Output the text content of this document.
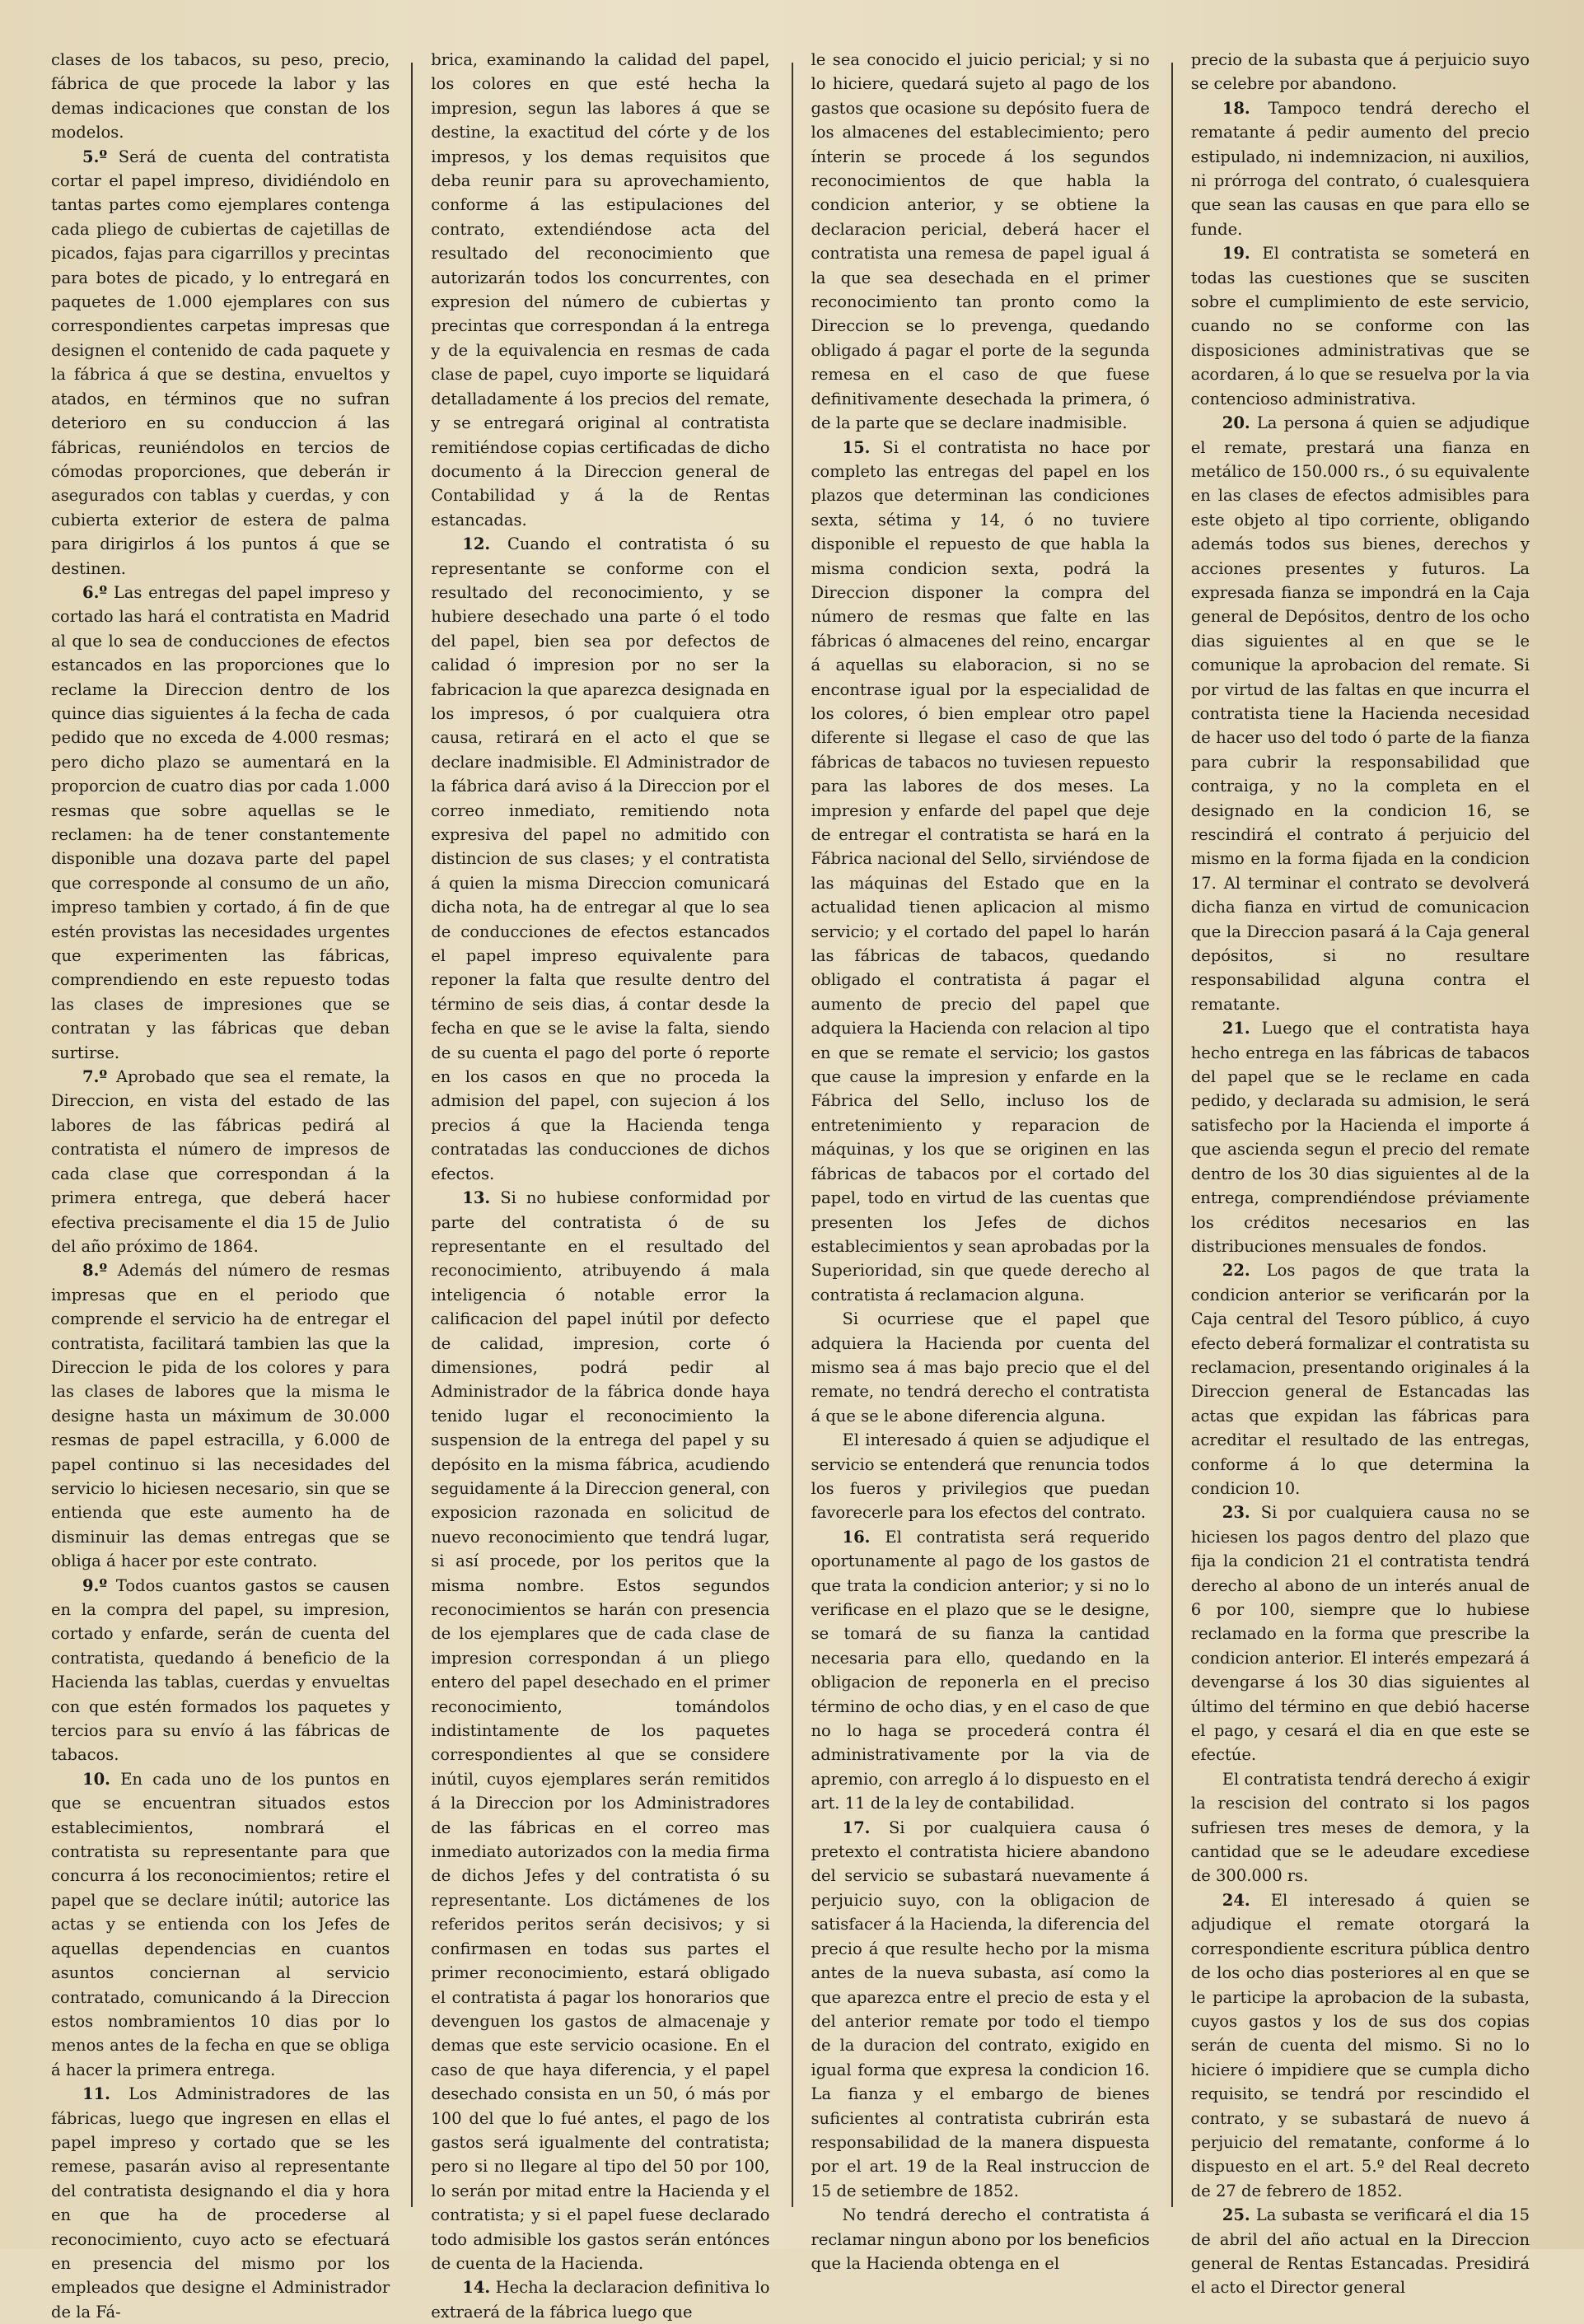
clases de los tabacos, su peso, precio, fábrica de que procede la labor y las demas indicaciones que constan de los modelos.

5.º Será de cuenta del contratista cortar el papel impreso, dividiéndolo en tantas partes como ejemplares contenga cada pliego de cubiertas de cajetillas de picados, fajas para cigarrillos y precintas para botes de picado, y lo entregará en paquetes de 1.000 ejemplares con sus correspondientes carpetas impresas que designen el contenido de cada paquete y la fábrica á que se destina, envueltos y atados, en términos que no sufran deterioro en su conduccion á las fábricas, reuniéndolos en tercios de cómodas proporciones, que deberán ir asegurados con tablas y cuerdas, y con cubierta exterior de estera de palma para dirigirlos á los puntos á que se destinen.

6.º Las entregas del papel impreso y cortado las hará el contratista en Madrid al que lo sea de conducciones de efectos estancados en las proporciones que lo reclame la Direccion dentro de los quince dias siguientes á la fecha de cada pedido que no exceda de 4.000 resmas; pero dicho plazo se aumentará en la proporcion de cuatro dias por cada 1.000 resmas que sobre aquellas se le reclamen: ha de tener constantemente disponible una dozava parte del papel que corresponde al consumo de un año, impreso tambien y cortado, á fin de que estén provistas las necesidades urgentes que experimenten las fábricas, comprendiendo en este repuesto todas las clases de impresiones que se contratan y las fábricas que deban surtirse.

7.º Aprobado que sea el remate, la Direccion, en vista del estado de las labores de las fábricas pedirá al contratista el número de impresos de cada clase que correspondan á la primera entrega, que deberá hacer efectiva precisamente el dia 15 de Julio del año próximo de 1864.

8.º Además del número de resmas impresas que en el periodo que comprende el servicio ha de entregar el contratista, facilitará tambien las que la Direccion le pida de los colores y para las clases de labores que la misma le designe hasta un máximum de 30.000 resmas de papel estracilla, y 6.000 de papel continuo si las necesidades del servicio lo hiciesen necesario, sin que se entienda que este aumento ha de disminuir las demas entregas que se obliga á hacer por este contrato.

9.º Todos cuantos gastos se causen en la compra del papel, su impresion, cortado y enfarde, serán de cuenta del contratista, quedando á beneficio de la Hacienda las tablas, cuerdas y envueltas con que estén formados los paquetes y tercios para su envío á las fábricas de tabacos.

10. En cada uno de los puntos en que se encuentran situados estos establecimientos, nombrará el contratista su representante para que concurra á los reconocimientos; retire el papel que se declare inútil; autorice las actas y se entienda con los Jefes de aquellas dependencias en cuantos asuntos conciernan al servicio contratado, comunicando á la Direccion estos nombramientos 10 dias por lo menos antes de la fecha en que se obliga á hacer la primera entrega.

11. Los Administradores de las fábricas, luego que ingresen en ellas el papel impreso y cortado que se les remese, pasarán aviso al representante del contratista designando el dia y hora en que ha de procederse al reconocimiento, cuyo acto se efectuará en presencia del mismo por los empleados que designe el Administrador de la Fá-

brica, examinando la calidad del papel, los colores en que esté hecha la impresion, segun las labores á que se destine, la exactitud del córte y de los impresos, y los demas requisitos que deba reunir para su aprovechamiento, conforme á las estipulaciones del contrato, extendiéndose acta del resultado del reconocimiento que autorizarán todos los concurrentes, con expresion del número de cubiertas y precintas que correspondan á la entrega y de la equivalencia en resmas de cada clase de papel, cuyo importe se liquidará detalladamente á los precios del remate, y se entregará original al contratista remitiéndose copias certificadas de dicho documento á la Direccion general de Contabilidad y á la de Rentas estancadas.

12. Cuando el contratista ó su representante se conforme con el resultado del reconocimiento, y se hubiere desechado una parte ó el todo del papel, bien sea por defectos de calidad ó impresion por no ser la fabricacion la que aparezca designada en los impresos, ó por cualquiera otra causa, retirará en el acto el que se declare inadmisible. El Administrador de la fábrica dará aviso á la Direccion por el correo inmediato, remitiendo nota expresiva del papel no admitido con distincion de sus clases; y el contratista á quien la misma Direccion comunicará dicha nota, ha de entregar al que lo sea de conducciones de efectos estancados el papel impreso equivalente para reponer la falta que resulte dentro del término de seis dias, á contar desde la fecha en que se le avise la falta, siendo de su cuenta el pago del porte ó reporte en los casos en que no proceda la admision del papel, con sujecion á los precios á que la Hacienda tenga contratadas las conducciones de dichos efectos.

13. Si no hubiese conformidad por parte del contratista ó de su representante en el resultado del reconocimiento, atribuyendo á mala inteligencia ó notable error la calificacion del papel inútil por defecto de calidad, impresion, corte ó dimensiones, podrá pedir al Administrador de la fábrica donde haya tenido lugar el reconocimiento la suspension de la entrega del papel y su depósito en la misma fábrica, acudiendo seguidamente á la Direccion general, con exposicion razonada en solicitud de nuevo reconocimiento que tendrá lugar, si así procede, por los peritos que la misma nombre. Estos segundos reconocimientos se harán con presencia de los ejemplares que de cada clase de impresion correspondan á un pliego entero del papel desechado en el primer reconocimiento, tomándolos indistintamente de los paquetes correspondientes al que se considere inútil, cuyos ejemplares serán remitidos á la Direccion por los Administradores de las fábricas en el correo mas inmediato autorizados con la media firma de dichos Jefes y del contratista ó su representante. Los dictámenes de los referidos peritos serán decisivos; y si confirmasen en todas sus partes el primer reconocimiento, estará obligado el contratista á pagar los honorarios que devenguen los gastos de almacenaje y demas que este servicio ocasione. En el caso de que haya diferencia, y el papel desechado consista en un 50, ó más por 100 del que lo fué antes, el pago de los gastos será igualmente del contratista; pero si no llegare al tipo del 50 por 100, lo serán por mitad entre la Hacienda y el contratista; y si el papel fuese declarado todo admisible los gastos serán entónces de cuenta de la Hacienda.

14. Hecha la declaracion definitiva lo extraerá de la fábrica luego que

le sea conocido el juicio pericial; y si no lo hiciere, quedará sujeto al pago de los gastos que ocasione su depósito fuera de los almacenes del establecimiento; pero ínterin se procede á los segundos reconocimientos de que habla la condicion anterior, y se obtiene la declaracion pericial, deberá hacer el contratista una remesa de papel igual á la que sea desechada en el primer reconocimiento tan pronto como la Direccion se lo prevenga, quedando obligado á pagar el porte de la segunda remesa en el caso de que fuese definitivamente desechada la primera, ó de la parte que se declare inadmisible.

15. Si el contratista no hace por completo las entregas del papel en los plazos que determinan las condiciones sexta, sétima y 14, ó no tuviere disponible el repuesto de que habla la misma condicion sexta, podrá la Direccion disponer la compra del número de resmas que falte en las fábricas ó almacenes del reino, encargar á aquellas su elaboracion, si no se encontrase igual por la especialidad de los colores, ó bien emplear otro papel diferente si llegase el caso de que las fábricas de tabacos no tuviesen repuesto para las labores de dos meses. La impresion y enfarde del papel que deje de entregar el contratista se hará en la Fábrica nacional del Sello, sirviéndose de las máquinas del Estado que en la actualidad tienen aplicacion al mismo servicio; y el cortado del papel lo harán las fábricas de tabacos, quedando obligado el contratista á pagar el aumento de precio del papel que adquiera la Hacienda con relacion al tipo en que se remate el servicio; los gastos que cause la impresion y enfarde en la Fábrica del Sello, incluso los de entretenimiento y reparacion de máquinas, y los que se originen en las fábricas de tabacos por el cortado del papel, todo en virtud de las cuentas que presenten los Jefes de dichos establecimientos y sean aprobadas por la Superioridad, sin que quede derecho al contratista á reclamacion alguna.

Si ocurriese que el papel que adquiera la Hacienda por cuenta del mismo sea á mas bajo precio que el del remate, no tendrá derecho el contratista á que se le abone diferencia alguna.

El interesado á quien se adjudique el servicio se entenderá que renuncia todos los fueros y privilegios que puedan favorecerle para los efectos del contrato.

16. El contratista será requerido oportunamente al pago de los gastos de que trata la condicion anterior; y si no lo verificase en el plazo que se le designe, se tomará de su fianza la cantidad necesaria para ello, quedando en la obligacion de reponerla en el preciso término de ocho dias, y en el caso de que no lo haga se procederá contra él administrativamente por la via de apremio, con arreglo á lo dispuesto en el art. 11 de la ley de contabilidad.

17. Si por cualquiera causa ó pretexto el contratista hiciere abandono del servicio se subastará nuevamente á perjuicio suyo, con la obligacion de satisfacer á la Hacienda, la diferencia del precio á que resulte hecho por la misma antes de la nueva subasta, así como la que aparezca entre el precio de esta y el del anterior remate por todo el tiempo de la duracion del contrato, exigido en igual forma que expresa la condicion 16. La fianza y el embargo de bienes suficientes al contratista cubrirán esta responsabilidad de la manera dispuesta por el art. 19 de la Real instruccion de 15 de setiembre de 1852.

No tendrá derecho el contratista á reclamar ningun abono por los beneficios que la Hacienda obtenga en el

precio de la subasta que á perjuicio suyo se celebre por abandono.

18. Tampoco tendrá derecho el rematante á pedir aumento del precio estipulado, ni indemnizacion, ni auxilios, ni prórroga del contrato, ó cualesquiera que sean las causas en que para ello se funde.

19. El contratista se someterá en todas las cuestiones que se susciten sobre el cumplimiento de este servicio, cuando no se conforme con las disposiciones administrativas que se acordaren, á lo que se resuelva por la via contencioso administrativa.

20. La persona á quien se adjudique el remate, prestará una fianza en metálico de 150.000 rs., ó su equivalente en las clases de efectos admisibles para este objeto al tipo corriente, obligando además todos sus bienes, derechos y acciones presentes y futuros. La expresada fianza se impondrá en la Caja general de Depósitos, dentro de los ocho dias siguientes al en que se le comunique la aprobacion del remate. Si por virtud de las faltas en que incurra el contratista tiene la Hacienda necesidad de hacer uso del todo ó parte de la fianza para cubrir la responsabilidad que contraiga, y no la completa en el designado en la condicion 16, se rescindirá el contrato á perjuicio del mismo en la forma fijada en la condicion 17. Al terminar el contrato se devolverá dicha fianza en virtud de comunicacion que la Direccion pasará á la Caja general depósitos, si no resultare responsabilidad alguna contra el rematante.

21. Luego que el contratista haya hecho entrega en las fábricas de tabacos del papel que se le reclame en cada pedido, y declarada su admision, le será satisfecho por la Hacienda el importe á que ascienda segun el precio del remate dentro de los 30 dias siguientes al de la entrega, comprendiéndose préviamente los créditos necesarios en las distribuciones mensuales de fondos.

22. Los pagos de que trata la condicion anterior se verificarán por la Caja central del Tesoro público, á cuyo efecto deberá formalizar el contratista su reclamacion, presentando originales á la Direccion general de Estancadas las actas que expidan las fábricas para acreditar el resultado de las entregas, conforme á lo que determina la condicion 10.

23. Si por cualquiera causa no se hiciesen los pagos dentro del plazo que fija la condicion 21 el contratista tendrá derecho al abono de un interés anual de 6 por 100, siempre que lo hubiese reclamado en la forma que prescribe la condicion anterior. El interés empezará á devengarse á los 30 dias siguientes al último del término en que debió hacerse el pago, y cesará el dia en que este se efectúe.

El contratista tendrá derecho á exigir la rescision del contrato si los pagos sufriesen tres meses de demora, y la cantidad que se le adeudare excediese de 300.000 rs.

24. El interesado á quien se adjudique el remate otorgará la correspondiente escritura pública dentro de los ocho dias posteriores al en que se le participe la aprobacion de la subasta, cuyos gastos y los de sus dos copias serán de cuenta del mismo. Si no lo hiciere ó impidiere que se cumpla dicho requisito, se tendrá por rescindido el contrato, y se subastará de nuevo á perjuicio del rematante, conforme á lo dispuesto en el art. 5.º del Real decreto de 27 de febrero de 1852.

25. La subasta se verificará el dia 15 de abril del año actual en la Direccion general de Rentas Estancadas. Presidirá el acto el Director general
